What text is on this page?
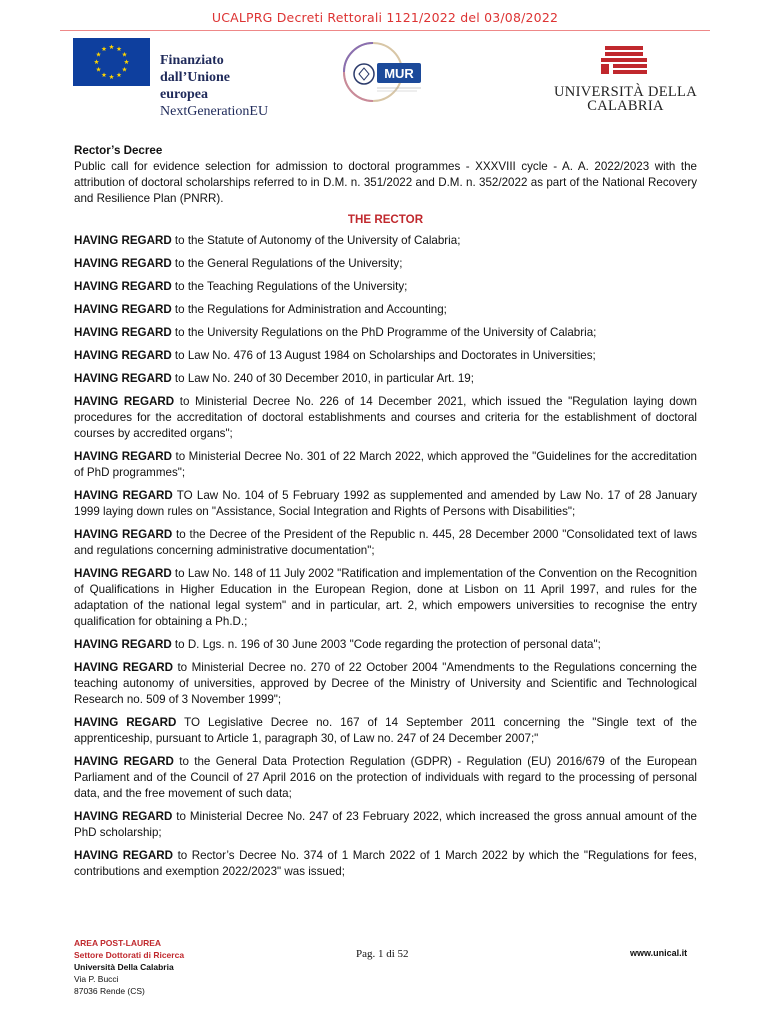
UCALPRG Decreti Rettorali 1121/2022 del 03/08/2022
Finanziato
dall’Unione
europea
NextGenerationEU
MUR
UNIVERSITÀ DELLA
CALABRIA

Rector’s Decree

Public call for evidence selection for admission to doctoral programmes - XXXVIII cycle - A. A. 2022/2023 with the attribution of doctoral scholarships referred to in D.M. n. 351/2022 and D.M. n. 352/2022 as part of the National Recovery and Resilience Plan (PNRR).

THE RECTOR

HAVING REGARD to the Statute of Autonomy of the University of Calabria;

HAVING REGARD to the General Regulations of the University;

HAVING REGARD to the Teaching Regulations of the University;

HAVING REGARD to the Regulations for Administration and Accounting;

HAVING REGARD to the University Regulations on the PhD Programme of the University of Calabria;

HAVING REGARD to Law No. 476 of 13 August 1984 on Scholarships and Doctorates in Universities;

HAVING REGARD to Law No. 240 of 30 December 2010, in particular Art. 19;

HAVING REGARD to Ministerial Decree No. 226 of 14 December 2021, which issued the "Regulation laying down procedures for the accreditation of doctoral establishments and courses and criteria for the establishment of doctoral courses by accredited organs";

HAVING REGARD to Ministerial Decree No. 301 of 22 March 2022, which approved the "Guidelines for the accreditation of PhD programmes";

HAVING REGARD TO Law No. 104 of 5 February 1992 as supplemented and amended by Law No. 17 of 28 January 1999 laying down rules on "Assistance, Social Integration and Rights of Persons with Disabilities";

HAVING REGARD to the Decree of the President of the Republic n. 445, 28 December 2000 "Consolidated text of laws and regulations concerning administrative documentation";

HAVING REGARD to Law No. 148 of 11 July 2002 "Ratification and implementation of the Convention on the Recognition of Qualifications in Higher Education in the European Region, done at Lisbon on 11 April 1997, and rules for the adaptation of the national legal system" and in particular, art. 2, which empowers universities to recognise the entry qualification for obtaining a Ph.D.;

HAVING REGARD to D. Lgs. n. 196 of 30 June 2003 "Code regarding the protection of personal data";

HAVING REGARD to Ministerial Decree no. 270 of 22 October 2004 "Amendments to the Regulations concerning the teaching autonomy of universities, approved by Decree of the Ministry of University and Scientific and Technological Research no. 509 of 3 November 1999";

HAVING REGARD TO Legislative Decree no. 167 of 14 September 2011 concerning the "Single text of the apprenticeship, pursuant to Article 1, paragraph 30, of Law no. 247 of 24 December 2007;"

HAVING REGARD to the General Data Protection Regulation (GDPR) - Regulation (EU) 2016/679 of the European Parliament and of the Council of 27 April 2016 on the protection of individuals with regard to the processing of personal data, and the free movement of such data;

HAVING REGARD to Ministerial Decree No. 247 of 23 February 2022, which increased the gross annual amount of the PhD scholarship;

HAVING REGARD to Rector’s Decree No. 374 of 1 March 2022 of 1 March 2022 by which the "Regulations for fees, contributions and exemption 2022/2023" was issued;

AREA POST-LAUREA
Settore Dottorati di Ricerca
Università Della Calabria
Via P. Bucci
87036 Rende (CS)
Pag. 1 di 52	www.unical.it
